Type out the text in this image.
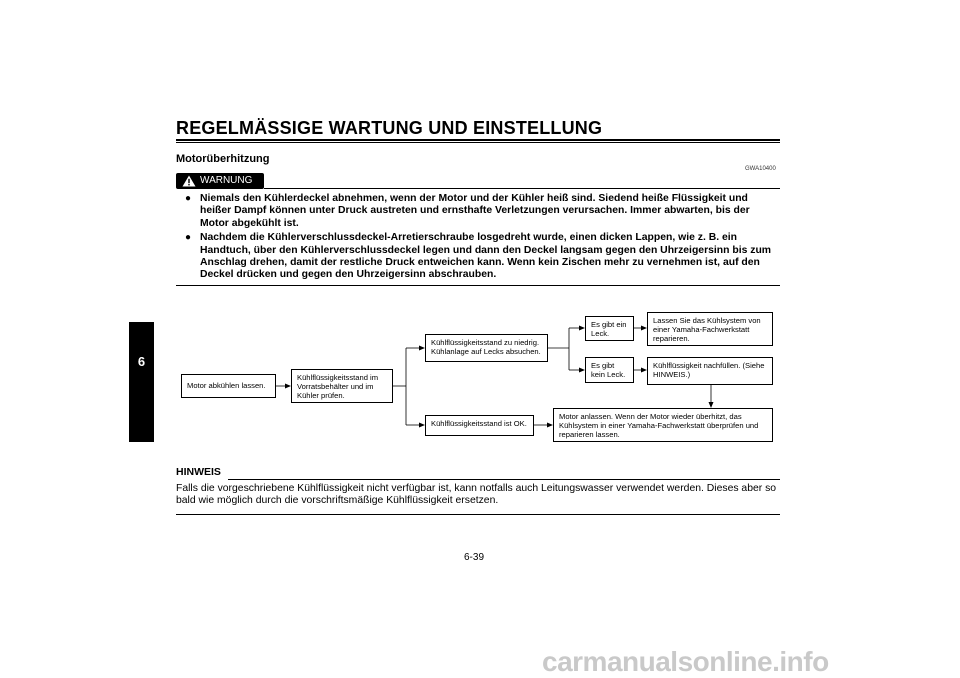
REGELMÄSSIGE WARTUNG UND EINSTELLUNG
6
Motorüberhitzung
GWA10400
WARNUNG
● Niemals den Kühlerdeckel abnehmen, wenn der Motor und der Kühler heiß sind. Siedend heiße Flüssigkeit und heißer Dampf können unter Druck austreten und ernsthafte Verletzungen verursachen. Immer abwarten, bis der Motor abgekühlt ist.
● Nachdem die Kühlerverschlussdeckel-Arretierschraube losgedreht wurde, einen dicken Lappen, wie z. B. ein Handtuch, über den Kühlerverschlussdeckel legen und dann den Deckel langsam gegen den Uhrzeigersinn bis zum Anschlag drehen, damit der restliche Druck entweichen kann. Wenn kein Zischen mehr zu vernehmen ist, auf den Deckel drücken und gegen den Uhrzeigersinn abschrauben.
Motor abkühlen lassen.
Kühlflüssigkeitsstand im Vorratsbehälter und im Kühler prüfen.
Kühlflüssigkeitsstand zu niedrig. Kühlanlage auf Lecks absuchen.
Kühlflüssigkeitsstand ist OK.
Es gibt ein Leck.
Es gibt kein Leck.
Lassen Sie das Kühlsystem von einer Yamaha-Fachwerkstatt reparieren.
Kühlflüssigkeit nachfüllen. (Siehe HINWEIS.)
Motor anlassen. Wenn der Motor wieder überhitzt, das Kühlsystem in einer Yamaha-Fachwerkstatt überprüfen und reparieren lassen.
HINWEIS
Falls die vorgeschriebene Kühlflüssigkeit nicht verfügbar ist, kann notfalls auch Leitungswasser verwendet werden. Dieses aber so bald wie möglich durch die vorschriftsmäßige Kühlflüssigkeit ersetzen.
6-39
carmanualsonline.info
